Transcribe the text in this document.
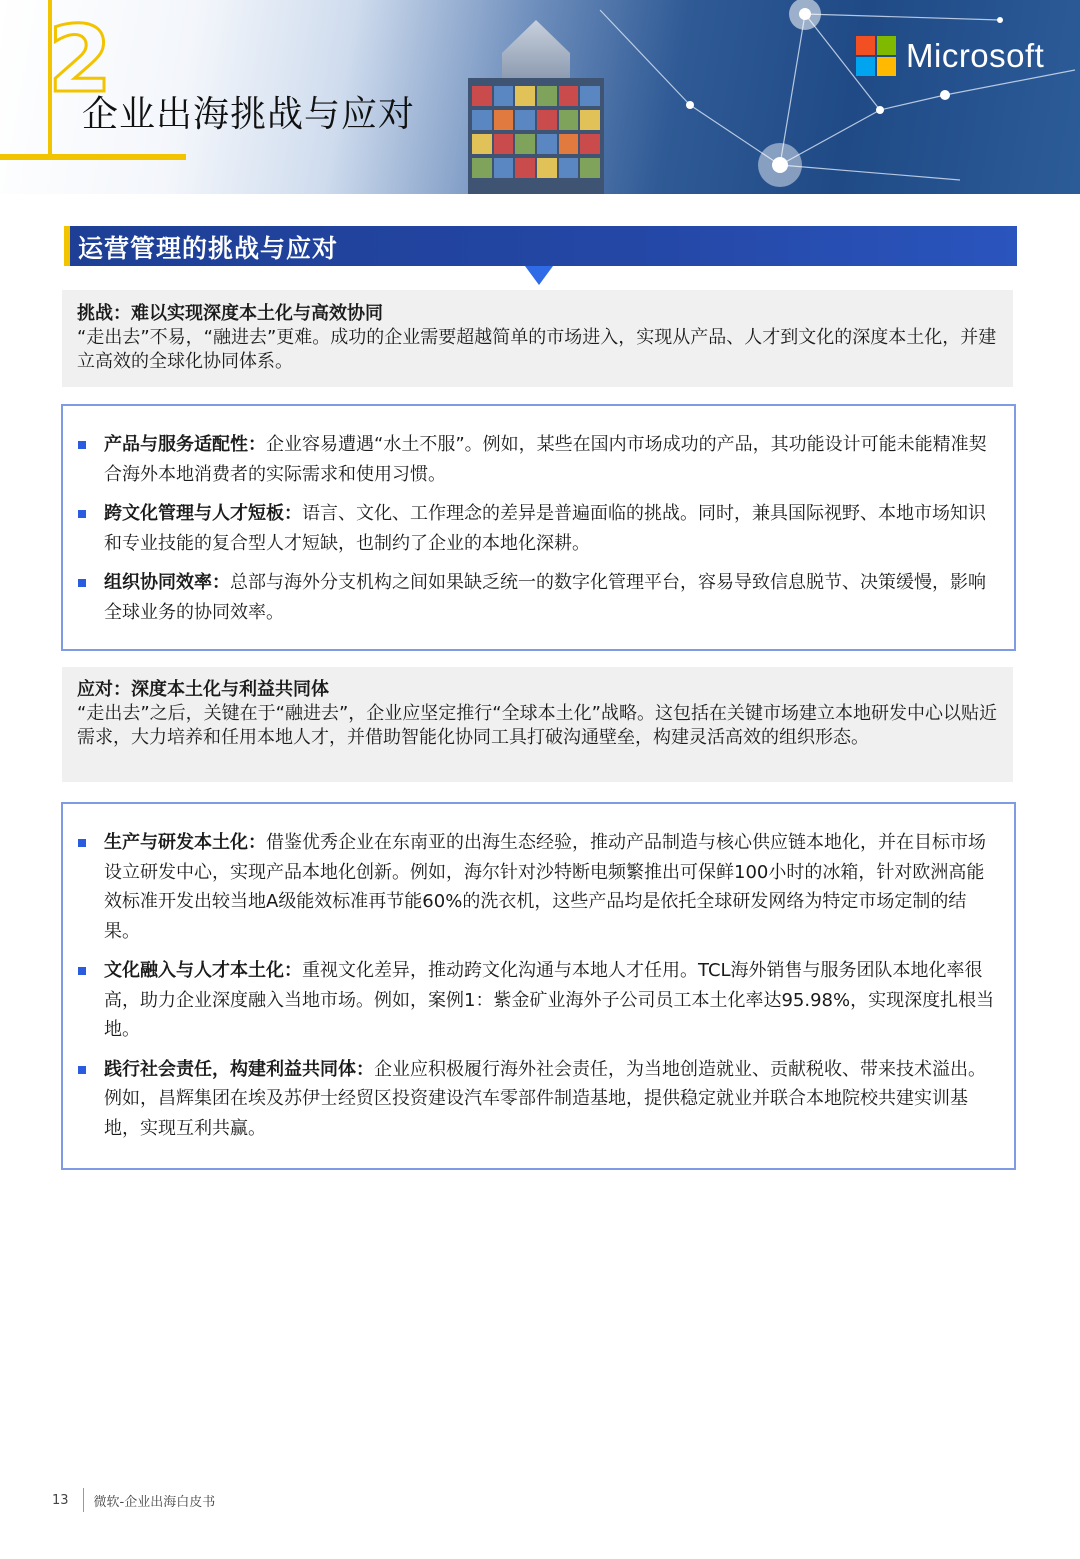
2
企业出海挑战与应对
Microsoft
运营管理的挑战与应对
挑战：难以实现深度本土化与高效协同
“走出去”不易，“融进去”更难。成功的企业需要超越简单的市场进入，实现从产品、人才到文化的深度本土化，并建立高效的全球化协同体系。
产品与服务适配性：企业容易遭遇“水土不服”。例如，某些在国内市场成功的产品，其功能设计可能未能精准契合海外本地消费者的实际需求和使用习惯。
跨文化管理与人才短板：语言、文化、工作理念的差异是普遍面临的挑战。同时，兼具国际视野、本地市场知识和专业技能的复合型人才短缺，也制约了企业的本地化深耕。
组织协同效率：总部与海外分支机构之间如果缺乏统一的数字化管理平台，容易导致信息脱节、决策缓慢，影响全球业务的协同效率。
应对：深度本土化与利益共同体
“走出去”之后，关键在于“融进去”，企业应坚定推行“全球本土化”战略。这包括在关键市场建立本地研发中心以贴近需求，大力培养和任用本地人才，并借助智能化协同工具打破沟通壁垒，构建灵活高效的组织形态。
生产与研发本土化：借鉴优秀企业在东南亚的出海生态经验，推动产品制造与核心供应链本地化，并在目标市场设立研发中心，实现产品本地化创新。例如，海尔针对沙特断电频繁推出可保鲜100小时的冰箱，针对欧洲高能效标准开发出较当地A级能效标准再节能60%的洗衣机，这些产品均是依托全球研发网络为特定市场定制的结果。
文化融入与人才本土化：重视文化差异，推动跨文化沟通与本地人才任用。TCL海外销售与服务团队本地化率很高，助力企业深度融入当地市场。例如，案例1：紫金矿业海外子公司员工本土化率达95.98%，实现深度扎根当地。
践行社会责任，构建利益共同体：企业应积极履行海外社会责任，为当地创造就业、贡献税收、带来技术溢出。例如，昌辉集团在埃及苏伊士经贸区投资建设汽车零部件制造基地，提供稳定就业并联合本地院校共建实训基地，实现互利共赢。
13 微软-企业出海白皮书
